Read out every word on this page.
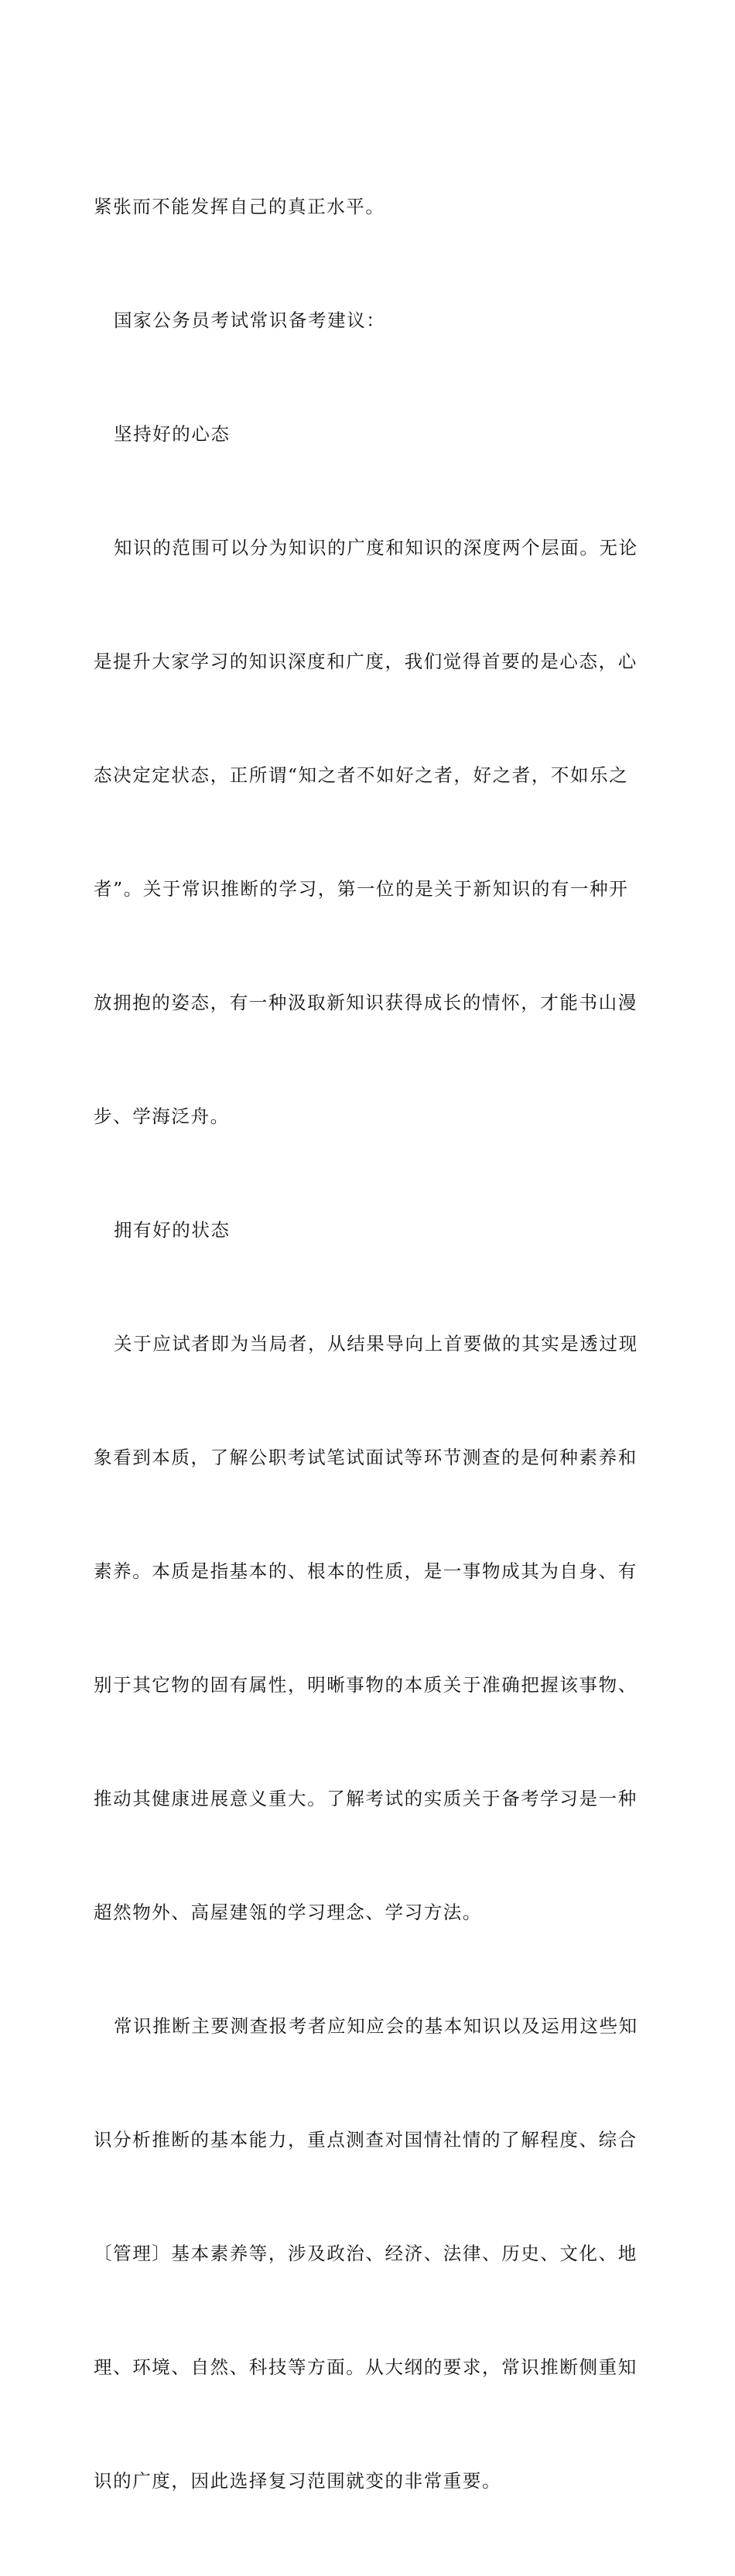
紧张而不能发挥自己的真正水平。

国家公务员考试常识备考建议：

坚持好的心态

知识的范围可以分为知识的广度和知识的深度两个层面。无论

是提升大家学习的知识深度和广度，我们觉得首要的是心态，心

态决定定状态，正所谓“知之者不如好之者，好之者，不如乐之

者”。关于常识推断的学习，第一位的是关于新知识的有一种开

放拥抱的姿态，有一种汲取新知识获得成长的情怀，才能书山漫

步、学海泛舟。

拥有好的状态

关于应试者即为当局者，从结果导向上首要做的其实是透过现

象看到本质，了解公职考试笔试面试等环节测查的是何种素养和

素养。本质是指基本的、根本的性质，是一事物成其为自身、有

别于其它物的固有属性，明晰事物的本质关于准确把握该事物、

推动其健康进展意义重大。了解考试的实质关于备考学习是一种

超然物外、高屋建瓴的学习理念、学习方法。

常识推断主要测查报考者应知应会的基本知识以及运用这些知

识分析推断的基本能力，重点测查对国情社情的了解程度、综合

〔管理〕基本素养等，涉及政治、经济、法律、历史、文化、地

理、环境、自然、科技等方面。从大纲的要求，常识推断侧重知

识的广度，因此选择复习范围就变的非常重要。
